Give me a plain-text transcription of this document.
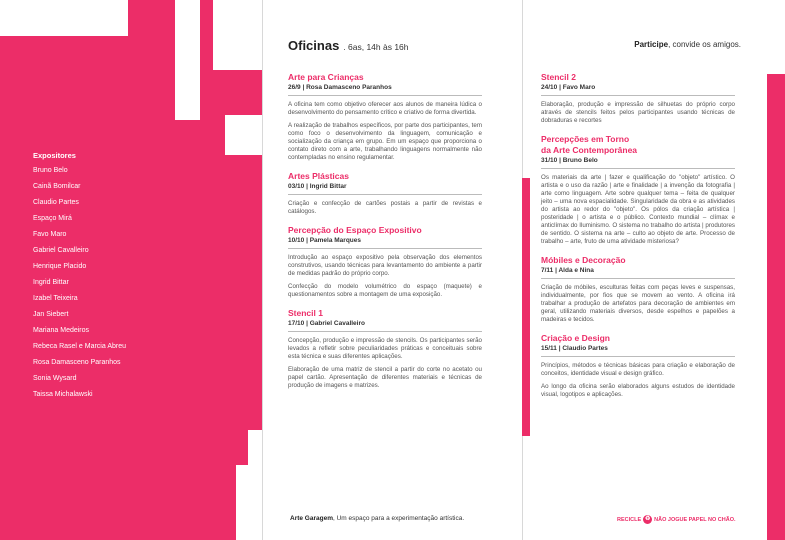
Expositores
Bruno Belo
Cainã Bomilcar
Claudio Partes
Espaço Mirá
Favo Maro
Gabriel Cavalleiro
Henrique Placido
Ingrid Bittar
Izabel Teixeira
Jan Siebert
Mariana Medeiros
Rebeca Rasel e Marcia Abreu
Rosa Damasceno Paranhos
Sonia Wysard
Taissa Michalawski
Oficinas . 6as, 14h às 16h
Arte para Crianças
26/9 | Rosa Damasceno Paranhos

A oficina tem como objetivo oferecer aos alunos de maneira lúdica o desenvolvimento do pensamento crítico e criativo de forma divertida.

A realização de trabalhos específicos, por parte dos participantes, tem como foco o desenvolvimento da linguagem, comunicação e socialização da criança em grupo. Em um espaço que proporciona o contato direto com a arte, trabalhando linguagens normalmente não contempladas no ensino regulamentar.

Artes Plásticas
03/10 | Ingrid Bittar

Criação e confecção de cartões postais a partir de revistas e catálogos.

Percepção do Espaço Expositivo
10/10 | Pamela Marques

Introdução ao espaço expositivo pela observação dos elementos construtivos, usando técnicas para levantamento do ambiente a partir de medidas padrão do próprio corpo.

Confecção do modelo volumétrico do espaço (maquete) e questionamentos sobre a montagem de uma exposição.

Stencil 1
17/10 | Gabriel Cavalleiro

Concepção, produção e impressão de stencils. Os participantes serão levados a refletir sobre peculiaridades práticas e conceituais sobre esta técnica e suas diferentes aplicações.

Elaboração de uma matriz de stencil a partir do corte no acetato ou papel cartão. Apresentação de diferentes materiais e técnicas de produção de imagens e matrizes.

Arte Garagem, Um espaço para a experimentação artística.
Participe, convide os amigos.
Stencil 2
24/10 | Favo Maro

Elaboração, produção e impressão de silhuetas do próprio corpo através de stencils feitos pelos participantes usando técnicas de dobraduras e recortes

Percepções em Torno
da Arte Contemporânea
31/10 | Bruno Belo

Os materiais da arte | fazer e qualificação do "objeto" artístico. O artista e o uso da razão | arte e finalidade | a invenção da fotografia | arte como linguagem. Arte sobre qualquer tema – feita de qualquer jeito – uma nova espacialidade. Singularidade da obra e as atividades do artista ao redor do "objeto". Os pólos da criação artística | posteridade | o artista e o público. Contexto mundial – clímax e anticlímax do Iluminismo. O sistema no trabalho do artista | produtores de sentido. O sistema na arte – culto ao objeto de arte. Processo de trabalho – arte, fruto de uma atividade misteriosa?

Móbiles e Decoração
7/11 | Alda e Nina

Criação de móbiles, esculturas feitas com peças leves e suspensas, individualmente, por fios que se movem ao vento. A oficina irá trabalhar a produção de artefatos para decoração de ambientes em geral, utilizando materiais diversos, desde espelhos e papelões a madeiras e tecidos.

Criação e Design
15/11 | Claudio Partes

Princípios, métodos e técnicas básicas para criação e elaboração de conceitos, identidade visual e design gráfico.

Ao longo da oficina serão elaborados alguns estudos de identidade visual, logotipos e aplicações.

RECICLE ♻ NÃO JOGUE PAPEL NO CHÃO.
